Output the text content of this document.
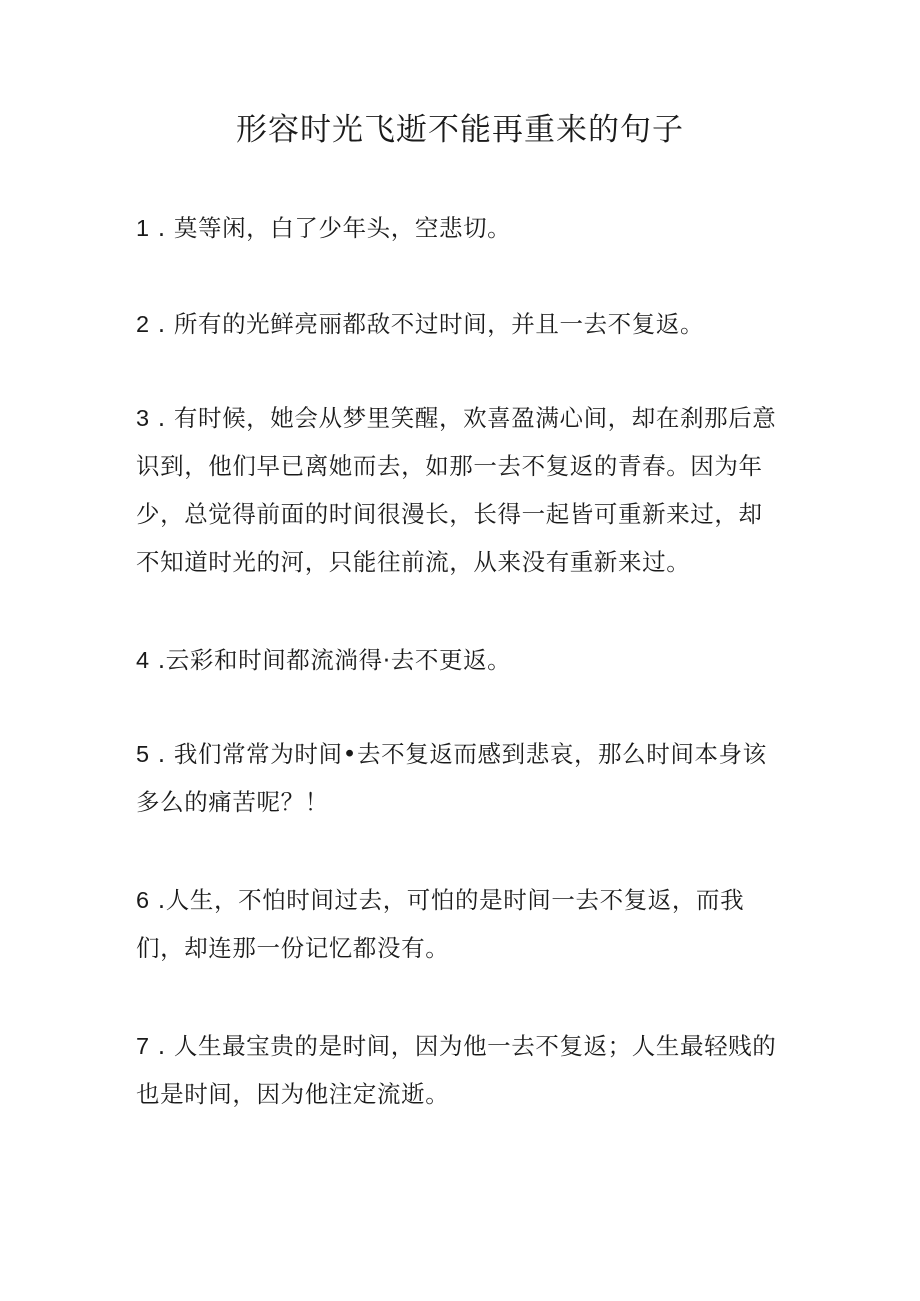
形容时光飞逝不能再重来的句子

1 . 莫等闲，白了少年头，空悲切。

2 . 所有的光鲜亮丽都敌不过时间，并且一去不复返。

3 . 有时候，她会从梦里笑醒，欢喜盈满心间，却在刹那后意识到，他们早已离她而去，如那一去不复返的青春。因为年少，总觉得前面的时间很漫长，长得一起皆可重新来过，却不知道时光的河，只能往前流，从来没有重新来过。

4 .云彩和时间都流淌得·去不更返。

5 . 我们常常为时间•去不复返而感到悲哀，那么时间本身该多么的痛苦呢？！

6 .人生，不怕时间过去，可怕的是时间一去不复返，而我们，却连那一份记忆都没有。

7 . 人生最宝贵的是时间，因为他一去不复返；人生最轻贱的也是时间，因为他注定流逝。
